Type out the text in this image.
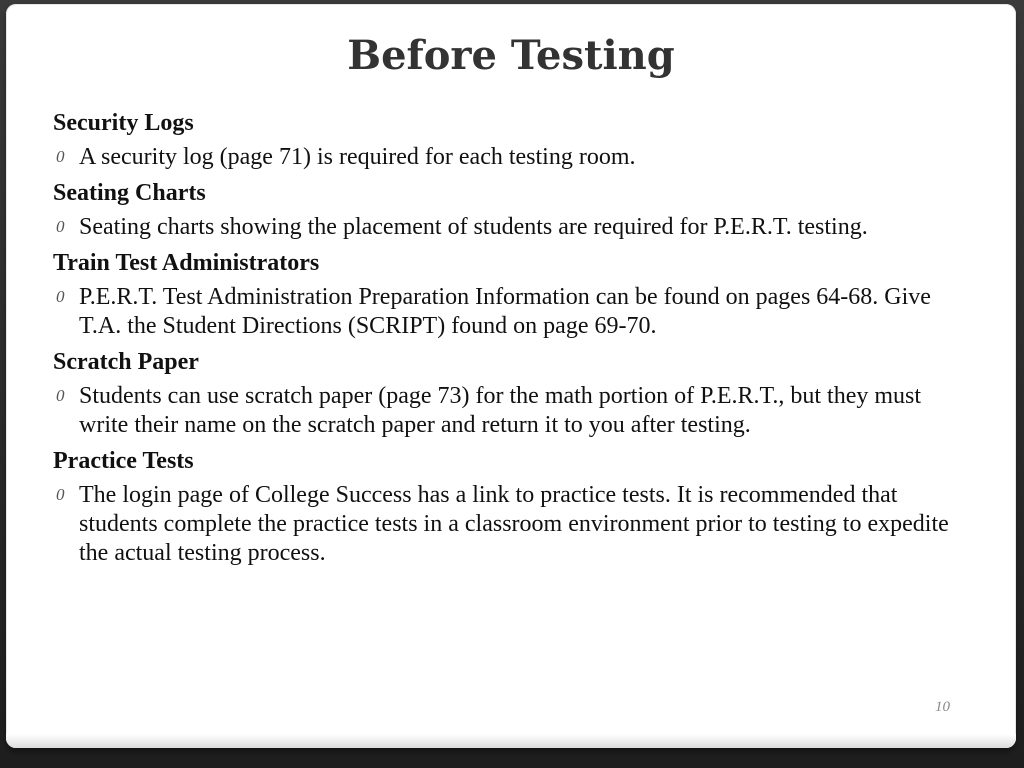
Before Testing
Security Logs
0 A security log (page 71) is required for each testing room.
Seating Charts
0 Seating charts showing the placement of students are required for P.E.R.T. testing.
Train Test Administrators
0 P.E.R.T. Test Administration Preparation Information can be found on pages 64-68. Give T.A. the Student Directions (SCRIPT) found on page 69-70.
Scratch Paper
0 Students can use scratch paper (page 73) for the math portion of P.E.R.T., but they must write their name on the scratch paper and return it to you after testing.
Practice Tests
0 The login page of College Success has a link to practice tests. It is recommended that students complete the practice tests in a classroom environment prior to testing to expedite the actual testing process.
10
